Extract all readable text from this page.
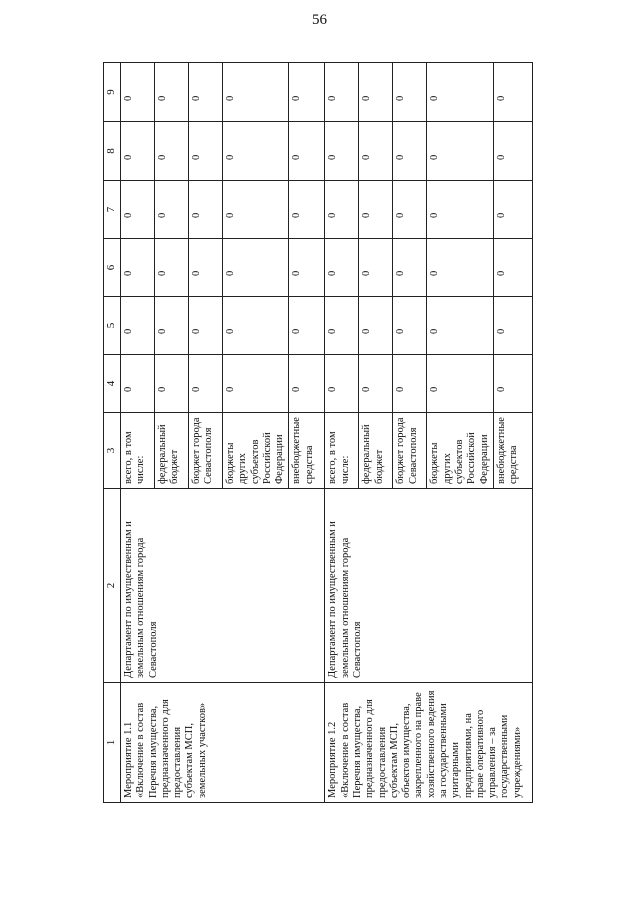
56
1	2	3	4	5	6	7	8	9
Мероприятие 1.1 «Включение в состав Перечня имущества, предназначенного для предоставления субъектам МСП, земельных участков»	Департамент по имущественным и земельным отношениям города Севастополя	всего, в том числе:	0	0	0	0	0	0
		федеральный бюджет	0	0	0	0	0	0
		бюджет города Севастополя	0	0	0	0	0	0
		бюджеты других субъектов Российской Федерации	0	0	0	0	0	0
		внебюджетные средства	0	0	0	0	0	0
Мероприятие 1.2 «Включение в состав Перечня имущества, предназначенного для предоставления субъектам МСП, объектов имущества, закрепленного на праве хозяйственного ведения за государственными унитарными предприятиями, на праве оперативного управления – за государственными учреждениями»	Департамент по имущественным и земельным отношениям города Севастополя	всего, в том числе:	0	0	0	0	0	0
		федеральный бюджет	0	0	0	0	0	0
		бюджет города Севастополя	0	0	0	0	0	0
		бюджеты других субъектов Российской Федерации	0	0	0	0	0	0
		внебюджетные средства	0	0	0	0	0	0
